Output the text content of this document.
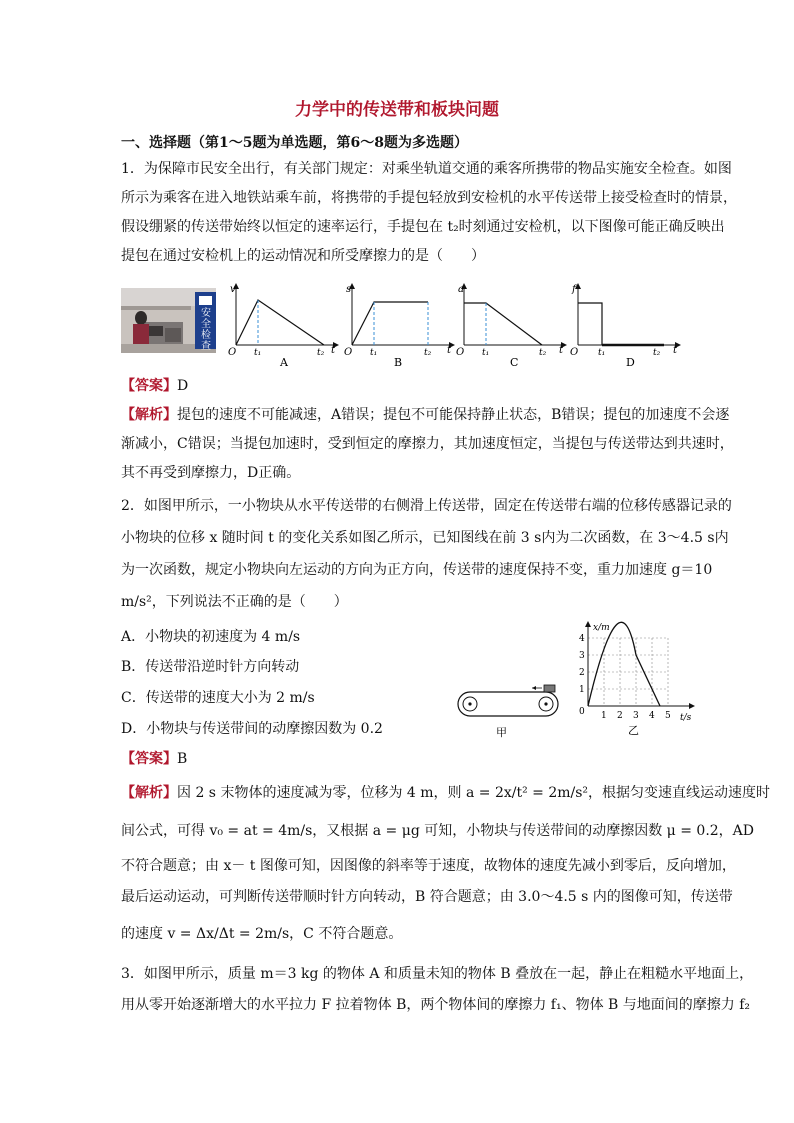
力学中的传送带和板块问题
一、选择题（第1～5题为单选题，第6～8题为多选题）
1．为保障市民安全出行，有关部门规定：对乘坐轨道交通的乘客所携带的物品实施安全检查。如图
所示为乘客在进入地铁站乘车前，将携带的手提包轻放到安检机的水平传送带上接受检查时的情景，
假设绷紧的传送带始终以恒定的速率运行，手提包在 t₂时刻通过安检机，以下图像可能正确反映出
提包在通过安检机上的运动情况和所受摩擦力的是（　　）
安全检查
v
O t₁	t₂ t
A
s
O t₁	t₂ t
B
a
O t₁	t₂ t
C
f
O t₁	t₂ t
D
【答案】D
【解析】提包的速度不可能减速，A错误；提包不可能保持静止状态，B错误；提包的加速度不会逐
渐减小，C错误；当提包加速时，受到恒定的摩擦力，其加速度恒定，当提包与传送带达到共速时，
其不再受到摩擦力，D正确。
2．如图甲所示，一小物块从水平传送带的右侧滑上传送带，固定在传送带右端的位移传感器记录的
小物块的位移 x 随时间 t 的变化关系如图乙所示，已知图线在前 3 s内为二次函数，在 3～4.5 s内
为一次函数，规定小物块向左运动的方向为正方向，传送带的速度保持不变，重力加速度 g＝10
m/s²，下列说法不正确的是（　　）
A．小物块的初速度为 4 m/s
B．传送带沿逆时针方向转动
C．传送带的速度大小为 2 m/s
D．小物块与传送带间的动摩擦因数为 0.2	甲
x/m
t/s
0 1 2 3 4 5
1
2
3
4
乙
【答案】B
【解析】因 2 s 末物体的速度减为零，位移为 4 m，则 a = 2x/t² = 2m/s²，根据匀变速直线运动速度时
间公式，可得 v₀ = at = 4m/s，又根据 a = μg 可知，小物块与传送带间的动摩擦因数 μ = 0.2，AD
不符合题意；由 x－ t 图像可知，因图像的斜率等于速度，故物体的速度先减小到零后，反向增加，
最后运动运动，可判断传送带顺时针方向转动，B 符合题意；由 3.0～4.5 s 内的图像可知，传送带
的速度 v = Δx/Δt = 2m/s，C 不符合题意。
3．如图甲所示，质量 m＝3 kg 的物体 A 和质量未知的物体 B 叠放在一起，静止在粗糙水平地面上，
用从零开始逐渐增大的水平拉力 F 拉着物体 B，两个物体间的摩擦力 f₁、物体 B 与地面间的摩擦力 f₂
